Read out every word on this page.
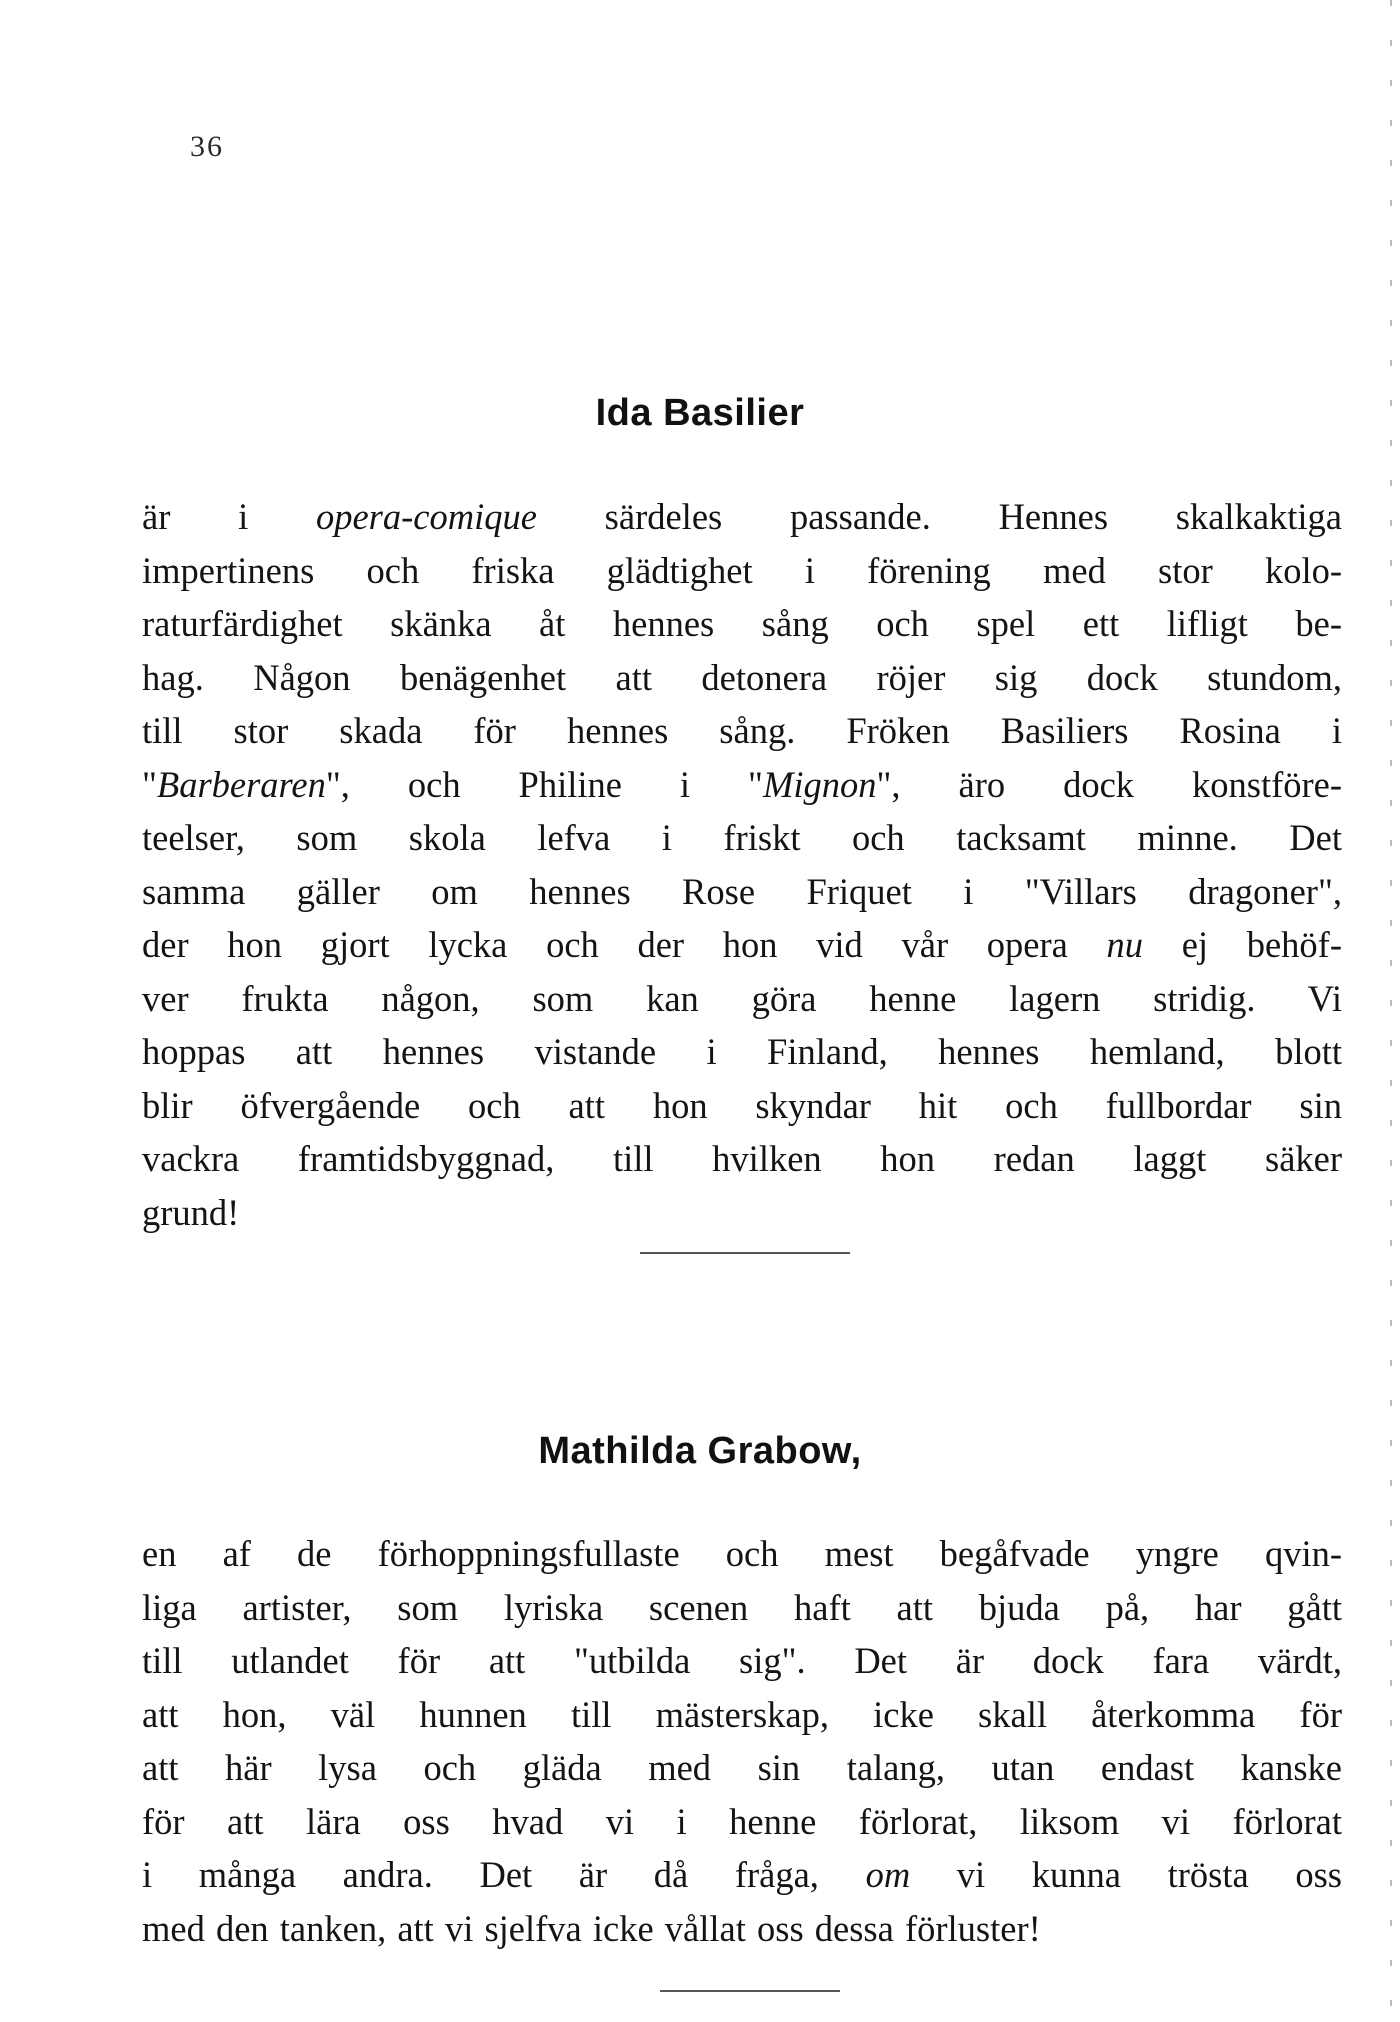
36
Ida Basilier
är i opera-comique särdeles passande. Hennes skalkaktiga
impertinens och friska glädtighet i förening med stor kolo-
raturfärdighet skänka åt hennes sång och spel ett lifligt be-
hag. Någon benägenhet att detonera röjer sig dock stundom,
till stor skada för hennes sång. Fröken Basiliers Rosina i
"Barberaren", och Philine i "Mignon", äro dock konstföre-
teelser, som skola lefva i friskt och tacksamt minne. Det
samma gäller om hennes Rose Friquet i "Villars dragoner",
der hon gjort lycka och der hon vid vår opera nu ej behöf-
ver frukta någon, som kan göra henne lagern stridig. Vi
hoppas att hennes vistande i Finland, hennes hemland, blott
blir öfvergående och att hon skyndar hit och fullbordar sin
vackra framtidsbyggnad, till hvilken hon redan laggt säker
grund!
Mathilda Grabow,
en af de förhoppningsfullaste och mest begåfvade yngre qvin-
liga artister, som lyriska scenen haft att bjuda på, har gått
till utlandet för att "utbilda sig". Det är dock fara värdt,
att hon, väl hunnen till mästerskap, icke skall återkomma för
att här lysa och glädа med sin talang, utan endast kanske
för att lära oss hvad vi i henne förlorat, liksom vi förlorat
i många andra. Det är då fråga, om vi kunna trösta oss
med den tanken, att vi sjelfva icke vållat oss dessa förluster!
